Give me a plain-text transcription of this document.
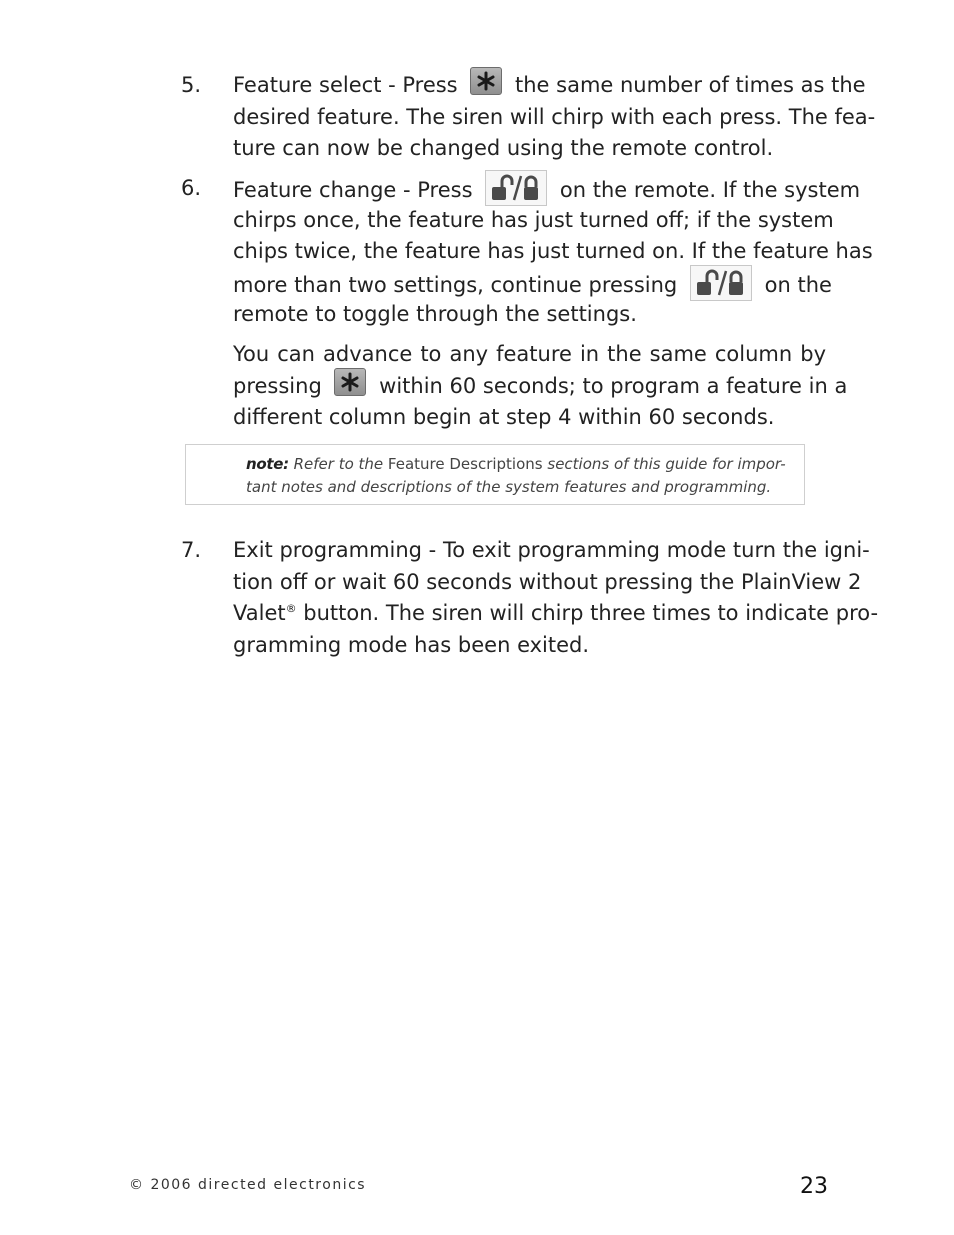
5. Feature select - Press	the same number of times as the
desired feature. The siren will chirp with each press. The fea-
ture can now be changed using the remote control.
6. Feature change - Press	on the remote. If the system
chirps once, the feature has just turned off; if the system
chips twice, the feature has just turned on. If the feature has
more than two settings, continue pressing	on the
remote to toggle through the settings.
You can advance to any feature in the same column by
pressing	within 60 seconds; to program a feature in a
different column begin at step 4 within 60 seconds.
note: Refer to the Feature Descriptions sections of this guide for impor-
tant notes and descriptions of the system features and programming.
7. Exit programming - To exit programming mode turn the igni-
tion off or wait 60 seconds without pressing the PlainView 2
Valet® button. The siren will chirp three times to indicate pro-
gramming mode has been exited.
© 2006 directed electronics	23
